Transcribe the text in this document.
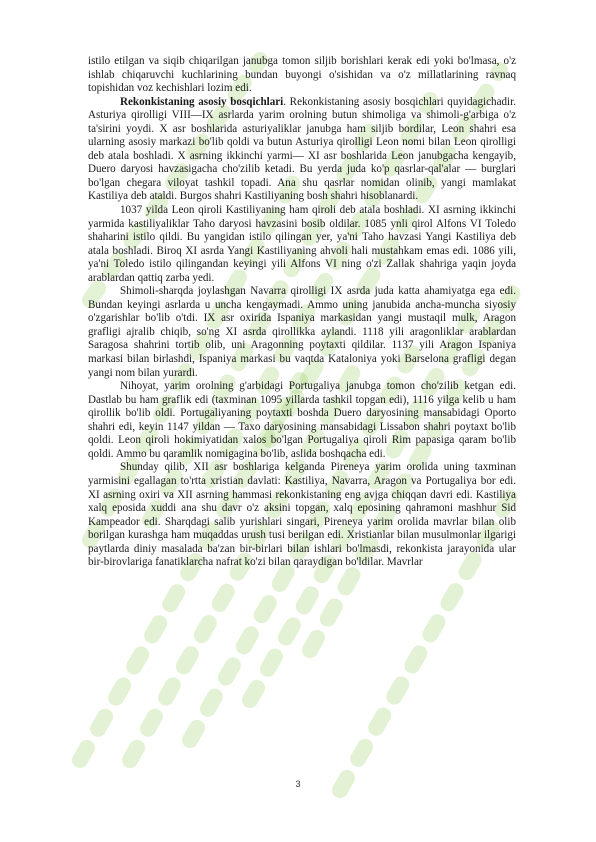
istilo etilgan va siqib chiqarilgan janubga tomon siljib borishlari kerak edi yoki bo'lmasa, o'z ishlab chiqaruvchi kuchlarining bundan buyongi o'sishidan va o'z millatlarining ravnaq topishidan voz kechishlari lozim edi.

Rekonkistaning asosiy bosqichlari. Rekonkistaning asosiy bosqichlari quyidagichadir. Asturiya qirolligi VIII—IX asrlarda yarim orolning butun shimoliga va shimoli-g'arbiga o'z ta'sirini yoydi. X asr boshlarida asturiyaliklar janubga ham siljib bordilar, Leon shahri esa ularning asosiy markazi bo'lib qoldi va butun Asturiya qirolligi Leon nomi bilan Leon qirolligi deb atala boshladi. X asrning ikkinchi yarmi— XI asr boshlarida Leon janubgacha kengayib, Duero daryosi havzasigacha cho'zilib ketadi. Bu yerda juda ko'p qasrlar-qal'alar — burglari bo'lgan chegara viloyat tashkil topadi. Ana shu qasrlar nomidan olinib, yangi mamlakat Kastiliya deb ataldi. Burgos shahri Kastiliyaning bosh shahri hisoblanardi.

1037 yilda Leon qiroli Kastiliyaning ham qiroli deb atala boshladi. XI asrning ikkinchi yarmida kastiliyaliklar Taho daryosi havzasini bosib oldilar. 1085 ynli qirol Alfons VI Toledo shaharini istilo qildi. Bu yangidan istilo qilingan yer, ya'ni Taho havzasi Yangi Kastiliya deb atala boshladi. Biroq XI asrda Yangi Kastiliyaning ahvoli hali mustahkam emas edi. 1086 yili, ya'ni Toledo istilo qilingandan keyingi yili Alfons VI ning o'zi Zallak shahriga yaqin joyda arablardan qattiq zarba yedi.

Shimoli-sharqda joylashgan Navarra qirolligi IX asrda juda katta ahamiyatga ega edi. Bundan keyingi asrlarda u uncha kengaymadi. Ammo uning janubida ancha-muncha siyosiy o'zgarishlar bo'lib o'tdi. IX asr oxirida Ispaniya markasidan yangi mustaqil mulk, Aragon grafligi ajralib chiqib, so'ng XI asrda qirollikka aylandi. 1118 yili aragonliklar arablardan Saragosa shahrini tortib olib, uni Aragonning poytaxti qildilar. 1137 yili Aragon Ispaniya markasi bilan birlashdi, Ispaniya markasi bu vaqtda Kataloniya yoki Barselona grafligi degan yangi nom bilan yurardi.

Nihoyat, yarim orolning g'arbidagi Portugaliya janubga tomon cho'zilib ketgan edi. Dastlab bu ham graflik edi (taxminan 1095 yillarda tashkil topgan edi), 1116 yilga kelib u ham qirollik bo'lib oldi. Portugaliyaning poytaxti boshda Duero daryosining mansabidagi Oporto shahri edi, keyin 1147 yildan — Taxo daryosining mansabidagi Lissabon shahri poytaxt bo'lib qoldi. Leon qiroli hokimiyatidan xalos bo'lgan Portugaliya qiroli Rim papasiga qaram bo'lib qoldi. Ammo bu qaramlik nomigagina bo'lib, aslida boshqacha edi.

Shunday qilib, XII asr boshlariga kelganda Pireneya yarim orolida uning taxminan yarmisini egallagan to'rtta xristian davlati: Kastiliya, Navarra, Aragon va Portugaliya bor edi. XI asrning oxiri va XII asrning hammasi rekonkistaning eng avjga chiqqan davri edi. Kastiliya xalq eposida xuddi ana shu davr o'z aksini topgan, xalq eposining qahramoni mashhur Sid Kampeador edi. Sharqdagi salib yurishlari singari, Pireneya yarim orolida mavrlar bilan olib borilgan kurashga ham muqaddas urush tusi berilgan edi. Xristianlar bilan musulmonlar ilgarigi paytlarda diniy masalada ba'zan bir-birlari bilan ishlari bo'lmasdi, rekonkista jarayonida ular bir-birovlariga fanatiklarcha nafrat ko'zi bilan qaraydigan bo'ldilar. Mavrlar

3
